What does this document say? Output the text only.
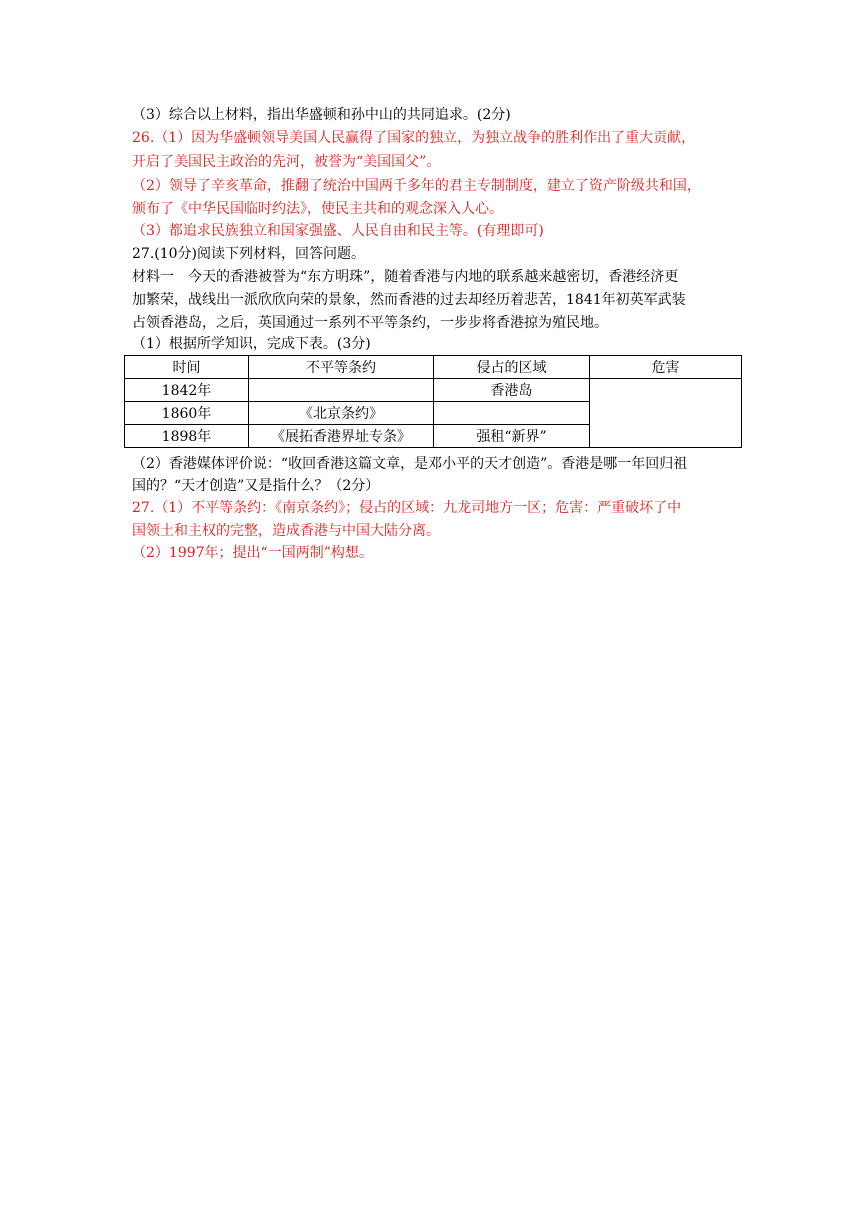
（3）综合以上材料，指出华盛顿和孙中山的共同追求。(2分)
26.（1）因为华盛顿领导美国人民赢得了国家的独立，为独立战争的胜利作出了重大贡献，
开启了美国民主政治的先河，被誉为“美国国父”。
（2）领导了辛亥革命，推翻了统治中国两千多年的君主专制制度，建立了资产阶级共和国，
颁布了《中华民国临时约法》，使民主共和的观念深入人心。
（3）都追求民族独立和国家强盛、人民自由和民主等。(有理即可)
27.(10分)阅读下列材料，回答问题。
材料一　今天的香港被誉为“东方明珠”，随着香港与内地的联系越来越密切，香港经济更
加繁荣，战线出一派欣欣向荣的景象，然而香港的过去却经历着悲苦，1841年初英军武装
占领香港岛，之后，英国通过一系列不平等条约，一步步将香港掠为殖民地。
（1）根据所学知识，完成下表。(3分)
时间	不平等条约	侵占的区域	危害
1842年		香港岛	
1860年	《北京条约》		
1898年	《展拓香港界址专条》	强租“新界”	
（2）香港媒体评价说：“收回香港这篇文章，是邓小平的天才创造”。香港是哪一年回归祖
国的？“天才创造”又是指什么？（2分）
27.（1）不平等条约：《南京条约》；侵占的区域：九龙司地方一区；危害：严重破坏了中
国领土和主权的完整，造成香港与中国大陆分离。
（2）1997年；提出“一国两制”构想。
